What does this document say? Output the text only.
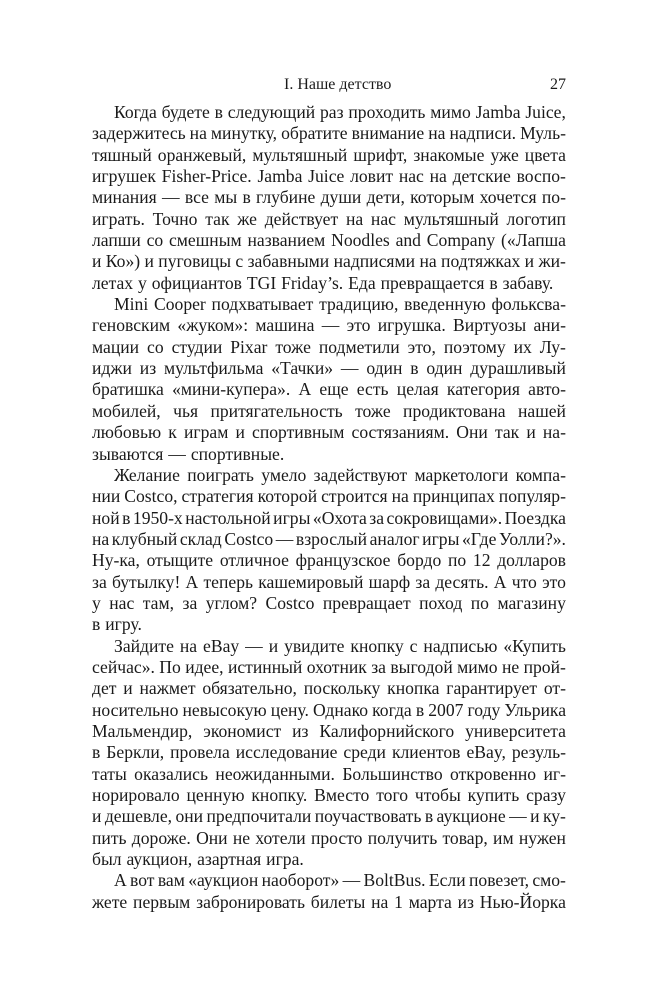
I. Наше детство	27
Когда будете в следующий раз проходить мимо Jamba Juice,
задержитесь на минутку, обратите внимание на надписи. Муль-
тяшный оранжевый, мультяшный шрифт, знакомые уже цвета
игрушек Fisher-Price. Jamba Juice ловит нас на детские воспо-
минания — все мы в глубине души дети, которым хочется по-
играть. Точно так же действует на нас мультяшный логотип
лапши со смешным названием Noodles and Company («Лапша
и Ко») и пуговицы с забавными надписями на подтяжках и жи-
летах у официантов TGI Friday’s. Еда превращается в забаву.
Mini Cooper подхватывает традицию, введенную фольксва-
геновским «жуком»: машина — это игрушка. Виртуозы ани-
мации со студии Pixar тоже подметили это, поэтому их Лу-
иджи из мультфильма «Тачки» — один в один дурашливый
братишка «мини-купера». А еще есть целая категория авто-
мобилей, чья притягательность тоже продиктована нашей
любовью к играм и спортивным состязаниям. Они так и на-
зываются — спортивные.
Желание поиграть умело задействуют маркетологи компа-
нии Costco, стратегия которой строится на принципах популяр-
ной в 1950-х настольной игры «Охота за сокровищами». Поездка
на клубный склад Costco — взрослый аналог игры «Где Уолли?».
Ну-ка, отыщите отличное французское бордо по 12 долларов
за бутылку! А теперь кашемировый шарф за десять. А что это
у нас там, за углом? Costco превращает поход по магазину
в игру.
Зайдите на eBay — и увидите кнопку с надписью «Купить
сейчас». По идее, истинный охотник за выгодой мимо не прой-
дет и нажмет обязательно, поскольку кнопка гарантирует от-
носительно невысокую цену. Однако когда в 2007 году Ульрика
Мальмендир, экономист из Калифорнийского университета
в Беркли, провела исследование среди клиентов eBay, резуль-
таты оказались неожиданными. Большинство откровенно иг-
норировало ценную кнопку. Вместо того чтобы купить сразу
и дешевле, они предпочитали поучаствовать в аукционе — и ку-
пить дороже. Они не хотели просто получить товар, им нужен
был аукцион, азартная игра.
А вот вам «аукцион наоборот» — BoltBus. Если повезет, смо-
жете первым забронировать билеты на 1 марта из Нью-Йорка
